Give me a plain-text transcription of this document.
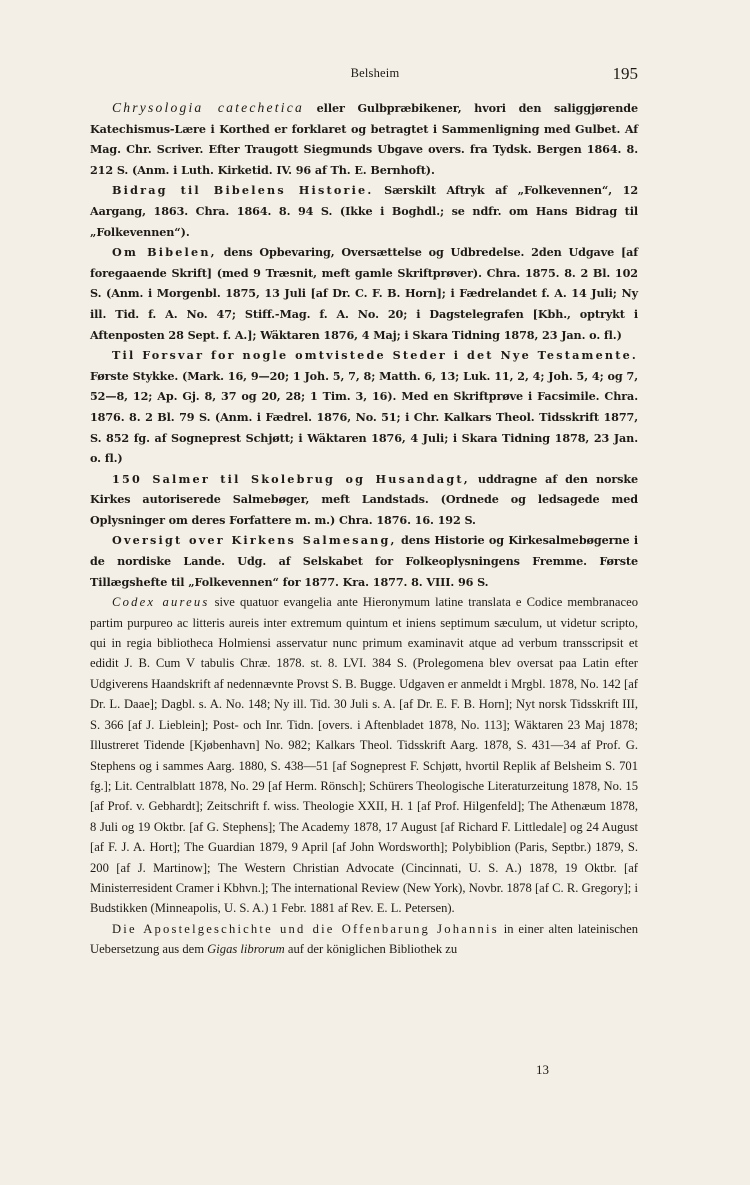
Belsheim	195

Chrysologia catechetica eller Gulbpræbikener, hvori den saliggjørende Katechismus-Lære i Korthed er forklaret og betragtet i Sammenligning med Gulbet. Af Mag. Chr. Scriver. Efter Traugott Siegmunds Ubgave overs. fra Tydsk. Bergen 1864. 8. 212 S. (Anm. i Luth. Kirketid. IV. 96 af Th. E. Bernhoft).

Bidrag til Bibelens Historie. Særskilt Aftryk af „Folkevennen“, 12 Aargang, 1863. Chra. 1864. 8. 94 S. (Ikke i Boghdl.; se ndfr. om Hans Bidrag til „Folkevennen“).

Om Bibelen, dens Opbevaring, Oversættelse og Udbredelse. 2den Udgave [af foregaaende Skrift] (med 9 Træsnit, meft gamle Skriftprøver). Chra. 1875. 8. 2 Bl. 102 S. (Anm. i Morgenbl. 1875, 13 Juli [af Dr. C. F. B. Horn]; i Fædrelandet f. A. 14 Juli; Ny ill. Tid. f. A. No. 47; Stiff.-Mag. f. A. No. 20; i Dagstelegrafen [Kbh., optrykt i Aftenposten 28 Sept. f. A.]; Wäktaren 1876, 4 Maj; i Skara Tidning 1878, 23 Jan. o. fl.)

Til Forsvar for nogle omtvistede Steder i det Nye Testamente. Første Stykke. (Mark. 16, 9—20; 1 Joh. 5, 7, 8; Matth. 6, 13; Luk. 11, 2, 4; Joh. 5, 4; og 7, 52—8, 12; Ap. Gj. 8, 37 og 20, 28; 1 Tim. 3, 16). Med en Skriftprøve i Facsimile. Chra. 1876. 8. 2 Bl. 79 S. (Anm. i Fædrel. 1876, No. 51; i Chr. Kalkars Theol. Tidsskrift 1877, S. 852 fg. af Sogneprest Schjøtt; i Wäktaren 1876, 4 Juli; i Skara Tidning 1878, 23 Jan. o. fl.)

150 Salmer til Skolebrug og Husandagt, uddragne af den norske Kirkes autoriserede Salmebøger, meft Landstads. (Ordnede og ledsagede med Oplysninger om deres Forfattere m. m.) Chra. 1876. 16. 192 S.

Oversigt over Kirkens Salmesang, dens Historie og Kirkesalmebøgerne i de nordiske Lande. Udg. af Selskabet for Folkeoplysningens Fremme. Første Tillægshefte til „Folkevennen“ for 1877. Kra. 1877. 8. VIII. 96 S.

Codex aureus sive quatuor evangelia ante Hieronymum latine translata e Codice membranaceo partim purpureo ac litteris aureis inter extremum quintum et iniens septimum sæculum, ut videtur scripto, qui in regia bibliotheca Holmiensi asservatur nunc primum examinavit atque ad verbum transscripsit et edidit J. B. Cum V tabulis Chræ. 1878. st. 8. LVI. 384 S. (Prolegomena blev oversat paa Latin efter Udgiverens Haandskrift af nedennævnte Provst S. B. Bugge. Udgaven er anmeldt i Mrgbl. 1878, No. 142 [af Dr. L. Daae]; Dagbl. s. A. No. 148; Ny ill. Tid. 30 Juli s. A. [af Dr. E. F. B. Horn]; Nyt norsk Tidsskrift III, S. 366 [af J. Lieblein]; Post- och Inr. Tidn. [overs. i Aftenbladet 1878, No. 113]; Wäktaren 23 Maj 1878; Illustreret Tidende [Kjøbenhavn] No. 982; Kalkars Theol. Tidsskrift Aarg. 1878, S. 431—34 af Prof. G. Stephens og i sammes Aarg. 1880, S. 438—51 [af Sogneprest F. Schjøtt, hvortil Replik af Belsheim S. 701 fg.]; Lit. Centralblatt 1878, No. 29 [af Herm. Rönsch]; Schürers Theologische Literaturzeitung 1878, No. 15 [af Prof. v. Gebhardt]; Zeitschrift f. wiss. Theologie XXII, H. 1 [af Prof. Hilgenfeld]; The Athenæum 1878, 8 Juli og 19 Oktbr. [af G. Stephens]; The Academy 1878, 17 August [af Richard F. Littledale] og 24 August [af F. J. A. Hort]; The Guardian 1879, 9 April [af John Wordsworth]; Polybiblion (Paris, Septbr.) 1879, S. 200 [af J. Martinow]; The Western Christian Advocate (Cincinnati, U. S. A.) 1878, 19 Oktbr. [af Ministerresident Cramer i Kbhvn.]; The international Review (New York), Novbr. 1878 [af C. R. Gregory]; i Budstikken (Minneapolis, U. S. A.) 1 Febr. 1881 af Rev. E. L. Petersen).

Die Apostelgeschichte und die Offenbarung Johannis in einer alten lateinischen Uebersetzung aus dem Gigas librorum auf der königlichen Bibliothek zu

13
